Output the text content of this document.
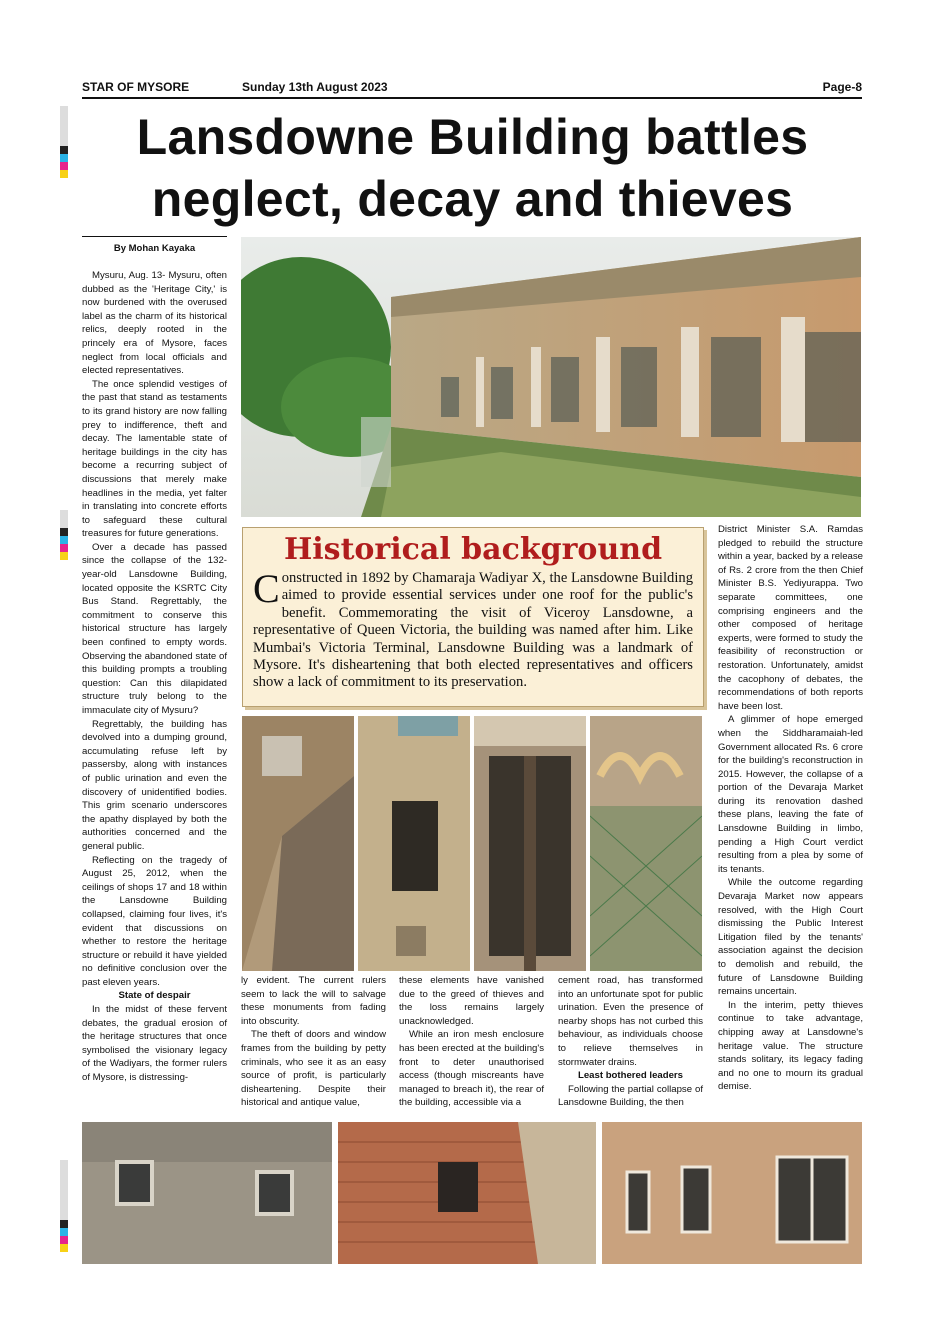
STAR OF MYSORE	Sunday 13th August 2023	Page-8
Lansdowne Building battles
neglect, decay and thieves
By Mohan Kayaka
Historical background
Constructed in 1892 by Chamaraja Wadiyar X, the Lansdowne Building aimed to provide essential services under one roof for the public's benefit. Commemorating the visit of Viceroy Lansdowne, a representative of Queen Victoria, the building was named after him. Like Mumbai's Victoria Terminal, Lansdowne Building was a landmark of Mysore. It's disheartening that both elected representatives and officers show a lack of commitment to its preservation.

Mysuru, Aug. 13- Mysuru, often dubbed as the 'Heritage City,' is now burdened with the overused label as the charm of its historical relics, deeply rooted in the princely era of Mysore, faces neglect from local officials and elected representatives.

The once splendid vestiges of the past that stand as testaments to its grand history are now falling prey to indifference, theft and decay. The lamentable state of heritage buildings in the city has become a recurring subject of discussions that merely make headlines in the media, yet falter in translating into concrete efforts to safeguard these cultural treasures for future generations.

Over a decade has passed since the collapse of the 132-year-old Lansdowne Building, located opposite the KSRTC City Bus Stand. Regrettably, the commitment to conserve this historical structure has largely been confined to empty words. Observing the abandoned state of this building prompts a troubling question: Can this dilapidated structure truly belong to the immaculate city of Mysuru?

Regrettably, the building has devolved into a dumping ground, accumulating refuse left by passersby, along with instances of public urination and even the discovery of unidentified bodies. This grim scenario underscores the apathy displayed by both the authorities concerned and the general public.

Reflecting on the tragedy of August 25, 2012, when the ceilings of shops 17 and 18 within the Lansdowne Building collapsed, claiming four lives, it's evident that discussions on whether to restore the heritage structure or rebuild it have yielded no definitive conclusion over the past eleven years.

State of despair

In the midst of these fervent debates, the gradual erosion of the heritage structures that once symbolised the visionary legacy of the Wadiyars, the former rulers of Mysore, is distressing-

ly evident. The current rulers seem to lack the will to salvage these monuments from fading into obscurity.

The theft of doors and window frames from the building by petty criminals, who see it as an easy source of profit, is particularly disheartening. Despite their historical and antique value,

these elements have vanished due to the greed of thieves and the loss remains largely unacknowledged.

While an iron mesh enclosure has been erected at the building's front to deter unauthorised access (though miscreants have managed to breach it), the rear of the building, accessible via a

cement road, has transformed into an unfortunate spot for public urination. Even the presence of nearby shops has not curbed this behaviour, as individuals choose to relieve themselves in stormwater drains.

Least bothered leaders

Following the partial collapse of Lansdowne Building, the then

District Minister S.A. Ramdas pledged to rebuild the structure within a year, backed by a release of Rs. 2 crore from the then Chief Minister B.S. Yediyurappa. Two separate committees, one comprising engineers and the other composed of heritage experts, were formed to study the feasibility of reconstruction or restoration. Unfortunately, amidst the cacophony of debates, the recommendations of both reports have been lost.

A glimmer of hope emerged when the Siddharamaiah-led Government allocated Rs. 6 crore for the building's reconstruction in 2015. However, the collapse of a portion of the Devaraja Market during its renovation dashed these plans, leaving the fate of Lansdowne Building in limbo, pending a High Court verdict resulting from a plea by some of its tenants.

While the outcome regarding Devaraja Market now appears resolved, with the High Court dismissing the Public Interest Litigation filed by the tenants' association against the decision to demolish and rebuild, the future of Lansdowne Building remains uncertain.

In the interim, petty thieves continue to take advantage, chipping away at Lansdowne's heritage value. The structure stands solitary, its legacy fading and no one to mourn its gradual demise.
